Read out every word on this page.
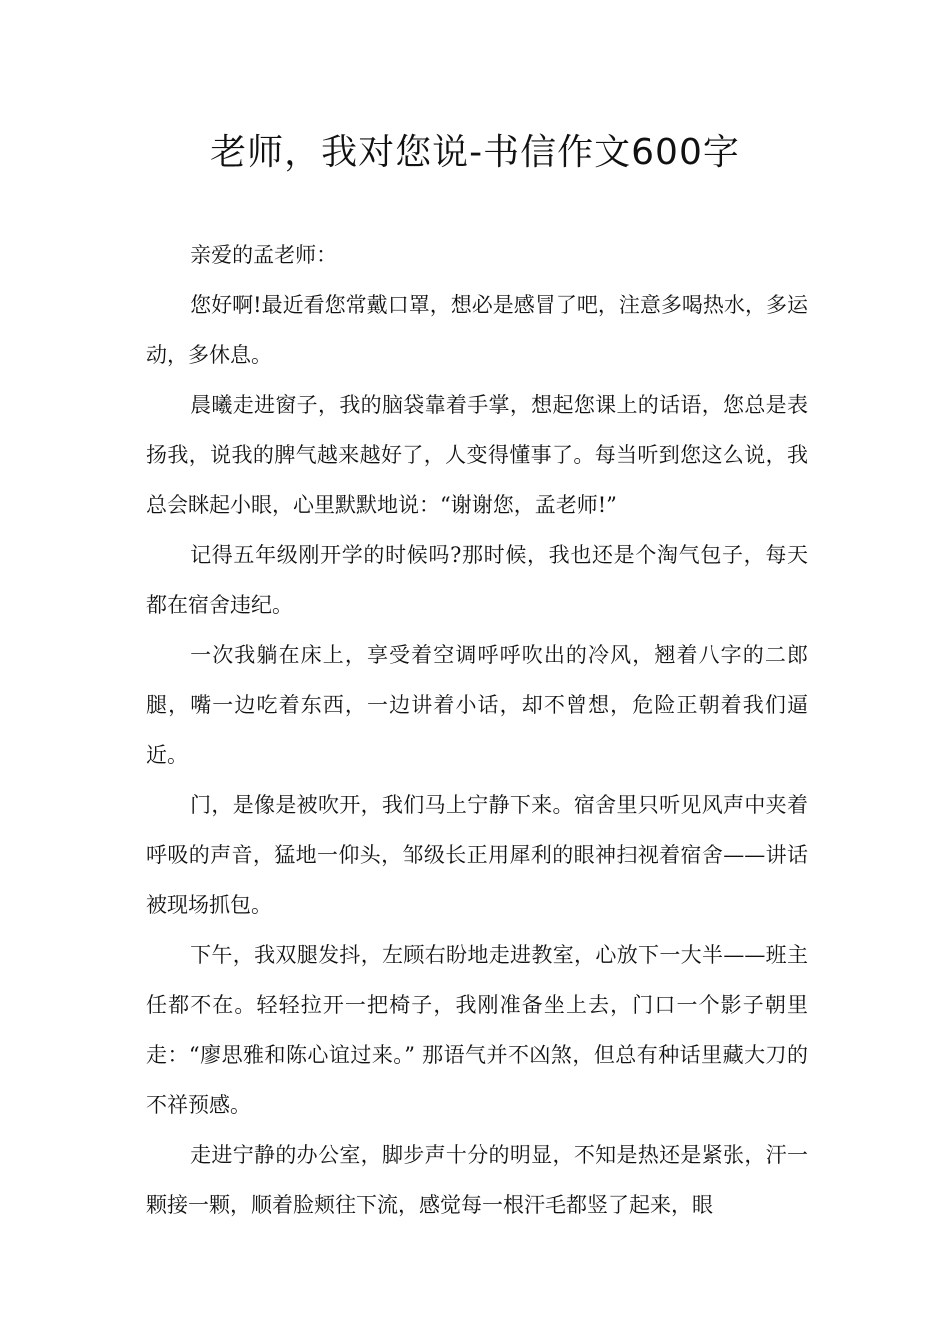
老师，我对您说-书信作文600字

亲爱的孟老师：

您好啊!最近看您常戴口罩，想必是感冒了吧，注意多喝热水，多运动，多休息。

晨曦走进窗子，我的脑袋靠着手掌，想起您课上的话语，您总是表扬我，说我的脾气越来越好了，人变得懂事了。每当听到您这么说，我总会眯起小眼，心里默默地说：“谢谢您，孟老师!”

记得五年级刚开学的时候吗?那时候，我也还是个淘气包子，每天都在宿舍违纪。

一次我躺在床上，享受着空调呼呼吹出的冷风，翘着八字的二郎腿，嘴一边吃着东西，一边讲着小话，却不曾想，危险正朝着我们逼近。

门，是像是被吹开，我们马上宁静下来。宿舍里只听见风声中夹着呼吸的声音，猛地一仰头，邹级长正用犀利的眼神扫视着宿舍——讲话被现场抓包。

下午，我双腿发抖，左顾右盼地走进教室，心放下一大半——班主任都不在。轻轻拉开一把椅子，我刚准备坐上去，门口一个影子朝里走：“廖思雅和陈心谊过来。” 那语气并不凶煞，但总有种话里藏大刀的不祥预感。

走进宁静的办公室，脚步声十分的明显，不知是热还是紧张，汗一颗接一颗，顺着脸颊往下流，感觉每一根汗毛都竖了起来，眼
